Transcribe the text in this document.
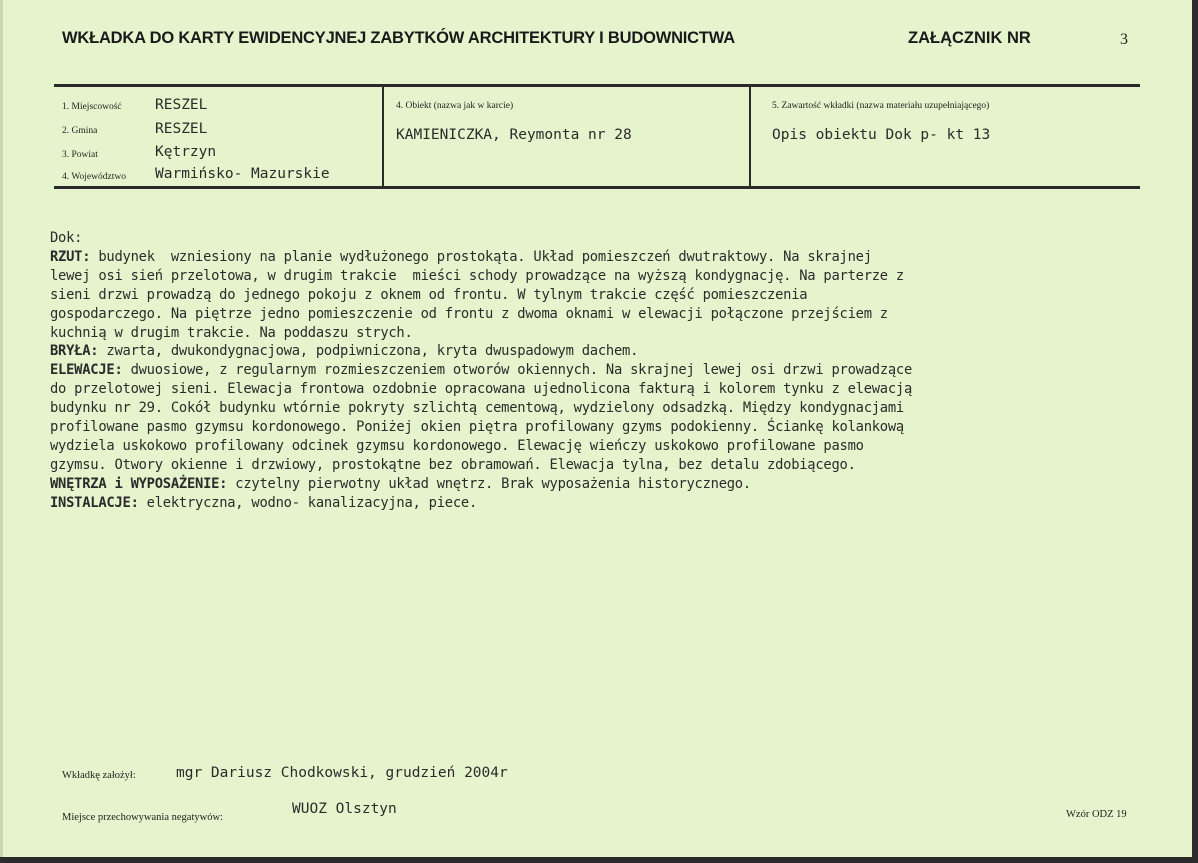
WKŁADKA DO KARTY EWIDENCYJNEJ ZABYTKÓW ARCHITEKTURY I BUDOWNICTWA	ZAŁĄCZNIK NR	3
1. Miejscowość RESZEL
2. Gmina	RESZEL
3. Powiat	Kętrzyn
4. Województwo Warmińsko- Mazurskie
4. Obiekt (nazwa jak w karcie)
KAMIENICZKA, Reymonta nr 28
5. Zawartość wkładki (nazwa materiału uzupełniającego)
Opis obiektu Dok p- kt 13
Dok:
RZUT: budynek  wzniesiony na planie wydłużonego prostokąta. Układ pomieszczeń dwutraktowy. Na skrajnej
lewej osi sień przelotowa, w drugim trakcie  mieści schody prowadzące na wyższą kondygnację. Na parterze z
sieni drzwi prowadzą do jednego pokoju z oknem od frontu. W tylnym trakcie część pomieszczenia
gospodarczego. Na piętrze jedno pomieszczenie od frontu z dwoma oknami w elewacji połączone przejściem z
kuchnią w drugim trakcie. Na poddaszu strych.
BRYŁA: zwarta, dwukondygnacjowa, podpiwniczona, kryta dwuspadowym dachem.
ELEWACJE: dwuosiowe, z regularnym rozmieszczeniem otworów okiennych. Na skrajnej lewej osi drzwi prowadzące
do przelotowej sieni. Elewacja frontowa ozdobnie opracowana ujednolicona fakturą i kolorem tynku z elewacją
budynku nr 29. Cokół budynku wtórnie pokryty szlichtą cementową, wydzielony odsadzką. Między kondygnacjami
profilowane pasmo gzymsu kordonowego. Poniżej okien piętra profilowany gzyms podokienny. Ściankę kolankową
wydziela uskokowo profilowany odcinek gzymsu kordonowego. Elewację wieńczy uskokowo profilowane pasmo
gzymsu. Otwory okienne i drzwiowy, prostokątne bez obramowań. Elewacja tylna, bez detalu zdobiącego.
WNĘTRZA i WYPOSAŻENIE: czytelny pierwotny układ wnętrz. Brak wyposażenia historycznego.
INSTALACJE: elektryczna, wodno- kanalizacyjna, piece.
Wkładkę założył:	mgr Dariusz Chodkowski, grudzień 2004r
Miejsce przechowywania negatywów:
WUOZ Olsztyn	Wzór ODZ 19
